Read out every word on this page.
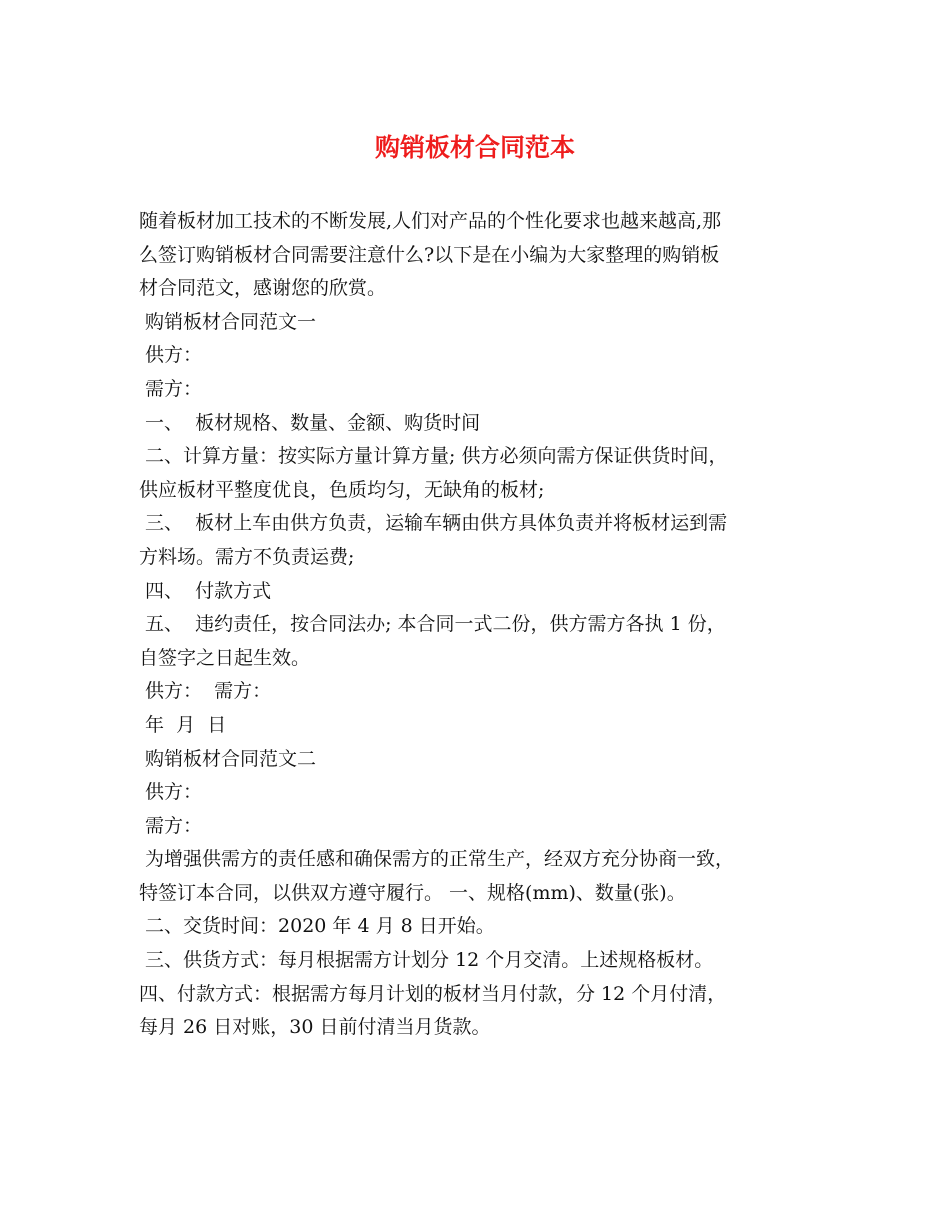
购销板材合同范本

随着板材加工技术的不断发展,人们对产品的个性化要求也越来越高,那

么签订购销板材合同需要注意什么?以下是在小编为大家整理的购销板

材合同范文，感谢您的欣赏。

购销板材合同范文一

供方：

需方：

一、  板材规格、数量、金额、购货时间

二、计算方量：按实际方量计算方量; 供方必须向需方保证供货时间，

供应板材平整度优良，色质均匀，无缺角的板材;

三、  板材上车由供方负责，运输车辆由供方具体负责并将板材运到需

方料场。需方不负责运费;

四、  付款方式

五、  违约责任，按合同法办; 本合同一式二份，供方需方各执 1 份，

自签字之日起生效。

供方：  需方：

年  月  日

购销板材合同范文二

供方：

需方：

为增强供需方的责任感和确保需方的正常生产，经双方充分协商一致，

特签订本合同，以供双方遵守履行。 一、规格(mm)、数量(张)。

二、交货时间：2020 年 4 月 8 日开始。

三、供货方式：每月根据需方计划分 12 个月交清。上述规格板材。

四、付款方式：根据需方每月计划的板材当月付款，分 12 个月付清，

每月 26 日对账，30 日前付清当月货款。
